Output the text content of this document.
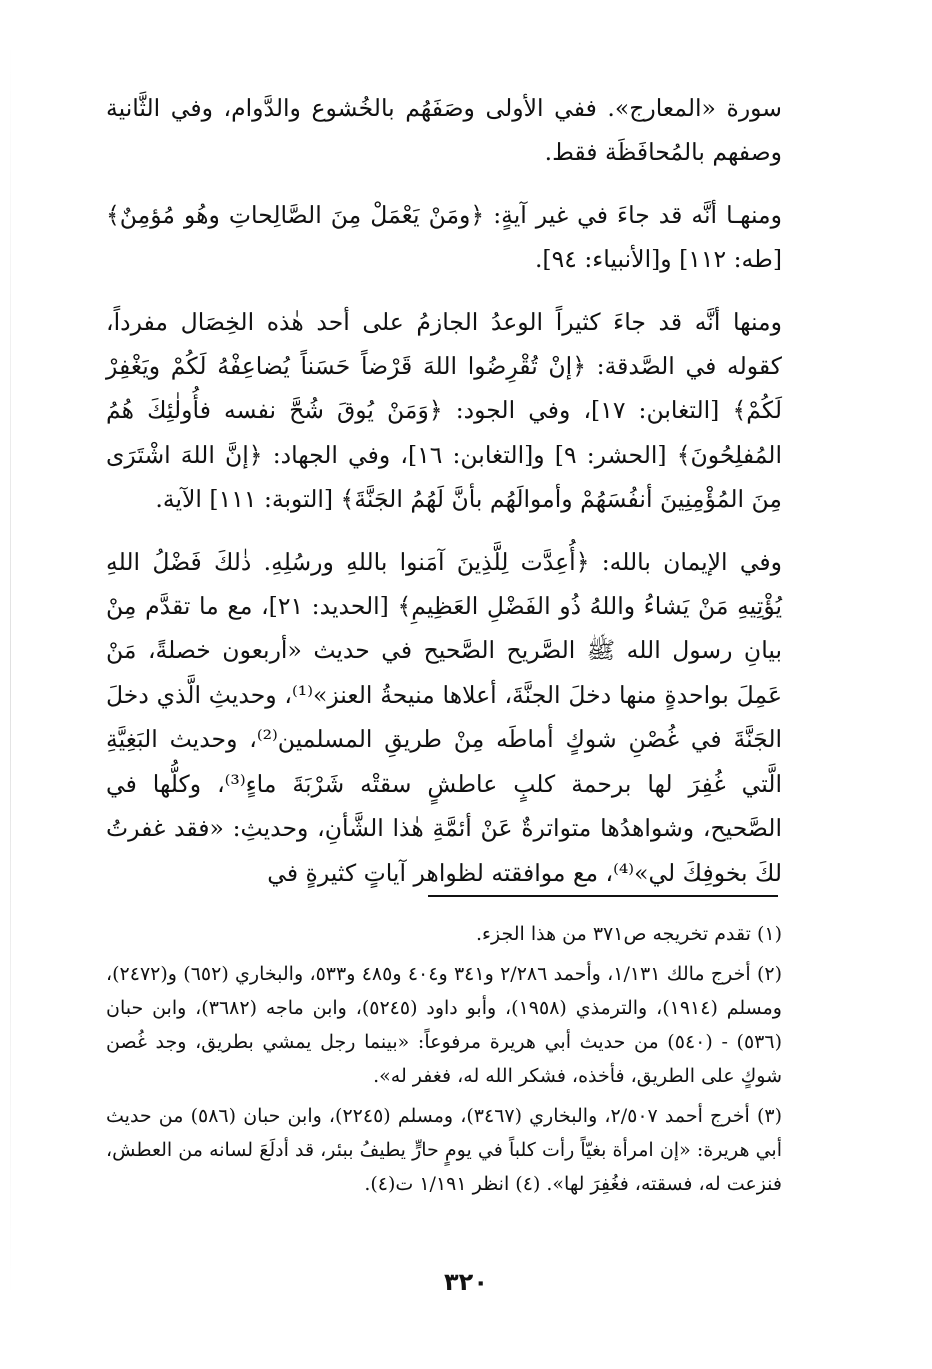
سورة «المعارج». ففي الأولى وصَفَهُم بالخُشوع والدَّوام، وفي الثَّانية وصفهم بالمُحافَظَة فقط.

ومنهـا أنَّه قد جاءَ في غير آيةٍ: ﴿ومَنْ يَعْمَلْ مِنَ الصَّالِحاتِ وهُو مُؤمِنٌ﴾ [طه: ١١٢] و[الأنبياء: ٩٤].

ومنها أنَّه قد جاءَ كثيراً الوعدُ الجازمُ على أحد هٰذه الخِصَال مفرداً، كقوله في الصَّدقة: ﴿إنْ تُقْرِضُوا اللهَ قَرْضاً حَسَناً يُضاعِفْهُ لَكُمْ ويَغْفِرْ لَكُمْ﴾ [التغابن: ١٧]، وفي الجود: ﴿وَمَنْ يُوقَ شُحَّ نفسه فأُولٰئِكَ هُمُ المُفلِحُونَ﴾ [الحشر: ٩] و[التغابن: ١٦]، وفي الجهاد: ﴿إنَّ اللهَ اشْتَرَى مِنَ المُؤْمِنِينَ أنفُسَهُمْ وأموالَهُم بأنَّ لَهُمُ الجَنَّةَ﴾ [التوبة: ١١١] الآية.

وفي الإيمان بالله: ﴿أُعِدَّت لِلَّذِينَ آمَنوا باللهِ ورسُلِهِ. ذٰلكَ فَضْلُ اللهِ يُؤْتِيهِ مَنْ يَشاءُ واللهُ ذُو الفَضْلِ العَظِيمِ﴾ [الحديد: ٢١]، مع ما تقدَّم مِنْ بيانِ رسول الله ﷺ الصَّريح الصَّحيح في حديث «أربعون خصلةً، مَنْ عَمِلَ بواحدةٍ منها دخلَ الجنَّةَ، أعلاها منيحةُ العنز»⁽¹⁾، وحديثِ الَّذي دخلَ الجَنَّةَ في غُصْنِ شوكٍ أماطَه مِنْ طريقِ المسلمين⁽²⁾، وحديث البَغِيَّةِ الَّتي غُفِرَ لها برحمة كلبٍ عاطشٍ سقتْه شَرْبَةَ ماءٍ⁽³⁾، وكلُّها في الصَّحيح، وشواهدُها متواترةٌ عَنْ أئمَّةِ هٰذا الشَّأنِ، وحديثِ: «فقد غفرتُ لكَ بخوفِكَ لي»⁽⁴⁾، مع موافقته لظواهر آياتٍ كثيرةٍ في

(١) تقدم تخريجه ص٣٧١ من هذا الجزء.

(٢) أخرج مالك ١/١٣١، وأحمد ٢/٢٨٦ و٣٤١ و٤٠٤ و٤٨٥ و٥٣٣، والبخاري (٦٥٢) و(٢٤٧٢)، ومسلم (١٩١٤)، والترمذي (١٩٥٨)، وأبو داود (٥٢٤٥)، وابن ماجه (٣٦٨٢)، وابن حبان (٥٣٦) - (٥٤٠) من حديث أبي هريرة مرفوعاً: «بينما رجل يمشي بطريق، وجد غُصن شوكٍ على الطريق، فأخذه، فشكر الله له، فغفر له».

(٣) أخرج أحمد ٢/٥٠٧، والبخاري (٣٤٦٧)، ومسلم (٢٢٤٥)، وابن حبان (٥٨٦) من حديث أبي هريرة: «إن امرأة بغيّاً رأت كلباً في يومٍ حارٍّ يطيفُ ببئر، قد أدلَعَ لسانه من العطش، فنزعت له، فسقته، فغُفِرَ لها». (٤) انظر ١/١٩١ ت(٤).

٣٢٠
